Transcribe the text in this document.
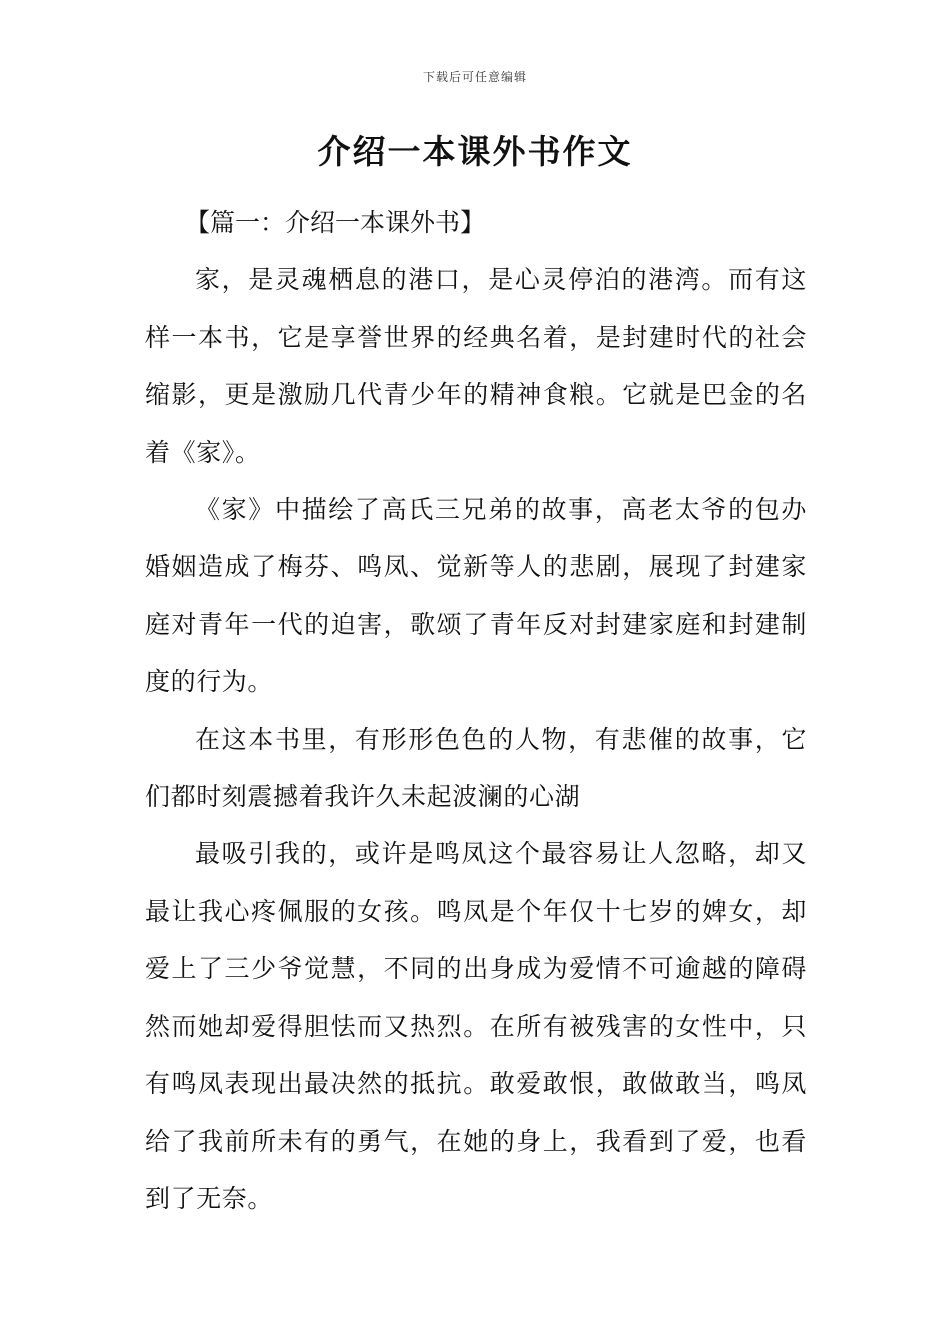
下载后可任意编辑
介绍一本课外书作文

【篇一：介绍一本课外书】

家，是灵魂栖息的港口，是心灵停泊的港湾。而有这样一本书，它是享誉世界的经典名着，是封建时代的社会缩影，更是激励几代青少年的精神食粮。它就是巴金的名着《家》。

《家》中描绘了高氏三兄弟的故事，高老太爷的包办婚姻造成了梅芬、鸣凤、觉新等人的悲剧，展现了封建家庭对青年一代的迫害，歌颂了青年反对封建家庭和封建制度的行为。

在这本书里，有形形色色的人物，有悲催的故事，它们都时刻震撼着我许久未起波澜的心湖

最吸引我的，或许是鸣凤这个最容易让人忽略，却又最让我心疼佩服的女孩。鸣凤是个年仅十七岁的婢女，却爱上了三少爷觉慧，不同的出身成为爱情不可逾越的障碍然而她却爱得胆怯而又热烈。在所有被残害的女性中，只有鸣凤表现出最决然的抵抗。敢爱敢恨，敢做敢当，鸣凤给了我前所未有的勇气，在她的身上，我看到了爱，也看到了无奈。
